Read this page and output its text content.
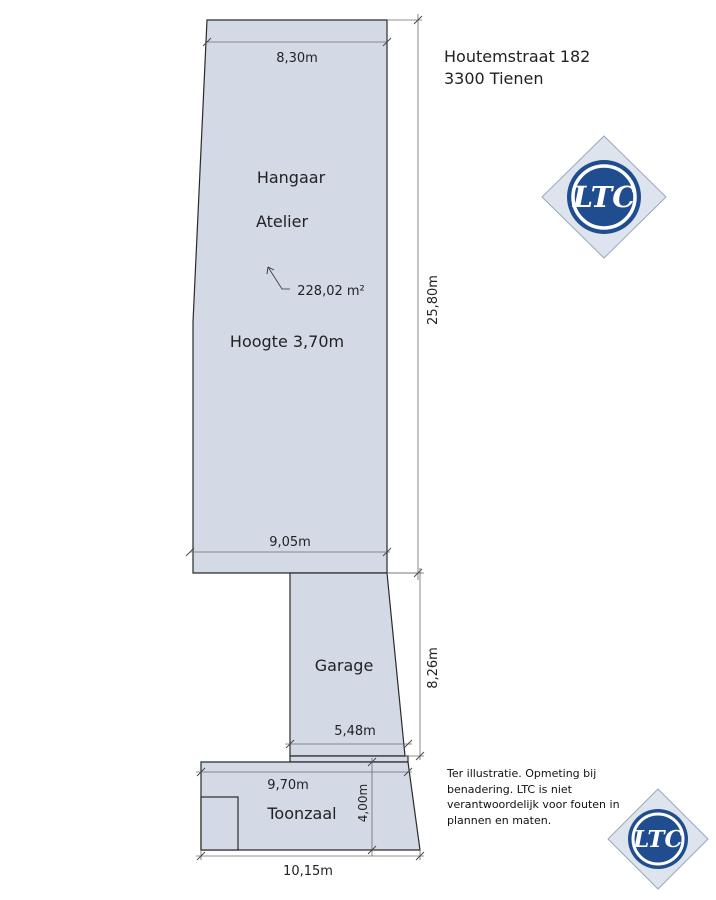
8,30m
9,05m
25,80m
8,26m
5,48m
9,70m	4,00m
10,15m
Hangaar
Atelier
228,02 m²
Hoogte 3,70m
Garage
Toonzaal
LTC
LTC
Houtemstraat 182
3300 Tienen
Ter illustratie. Opmeting bij benadering. LTC is niet verantwoordelijk voor fouten in plannen en maten.
